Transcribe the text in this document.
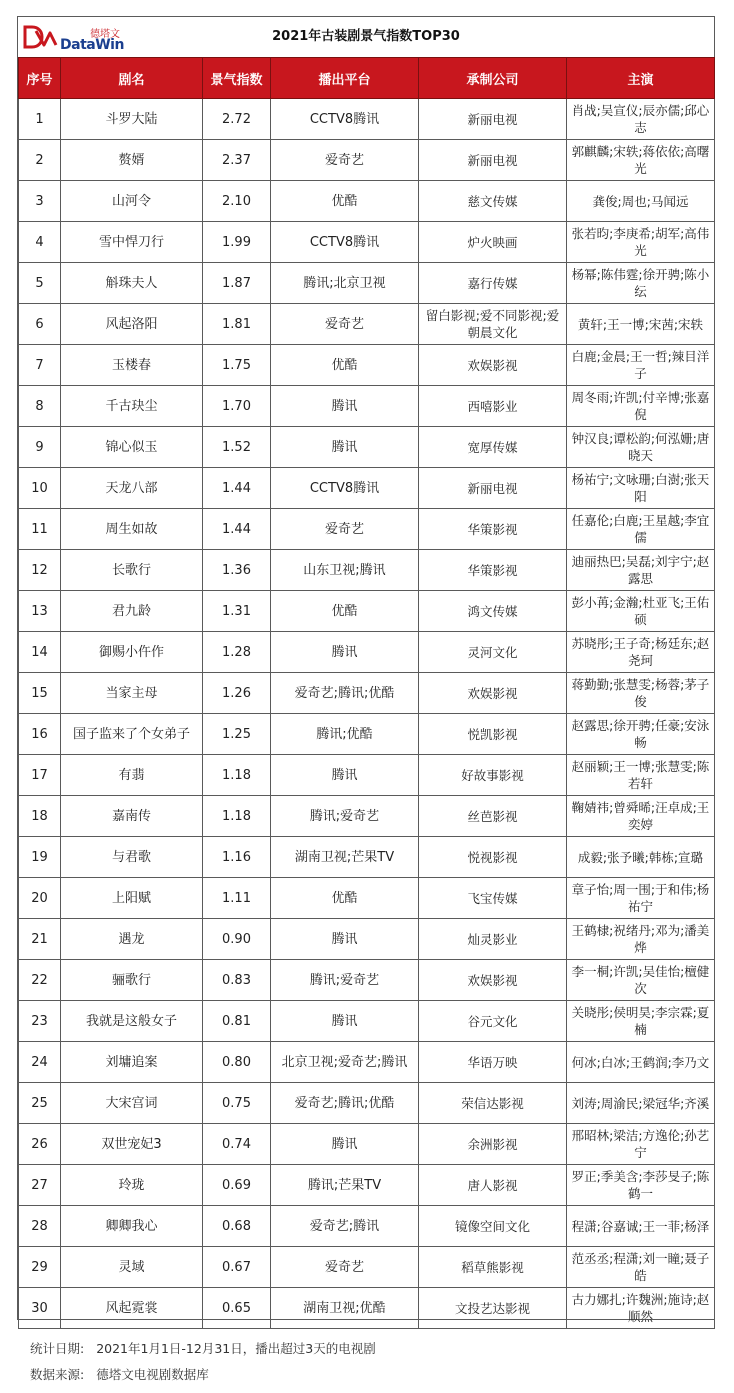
德塔文
DataWin
2021年古装剧景气指数TOP30
序号	剧名	景气指数	播出平台	承制公司	主演
1	斗罗大陆	2.72	CCTV8腾讯	新丽电视	肖战;吴宣仪;辰亦儒;邱心志
2	赘婿	2.37	爱奇艺	新丽电视	郭麒麟;宋轶;蒋依依;高曙光
3	山河令	2.10	优酷	慈文传媒	龚俊;周也;马闻远
4	雪中悍刀行	1.99	CCTV8腾讯	炉火映画	张若昀;李庚希;胡军;高伟光
5	斛珠夫人	1.87	腾讯;北京卫视	嘉行传媒	杨幂;陈伟霆;徐开骋;陈小纭
6	风起洛阳	1.81	爱奇艺	留白影视;爱不同影视;爱朝晨文化	黄轩;王一博;宋茜;宋轶
7	玉楼春	1.75	优酷	欢娱影视	白鹿;金晨;王一哲;辣目洋子
8	千古玦尘	1.70	腾讯	西嘻影业	周冬雨;许凯;付辛博;张嘉倪
9	锦心似玉	1.52	腾讯	宽厚传媒	钟汉良;谭松韵;何泓姗;唐晓天
10	天龙八部	1.44	CCTV8腾讯	新丽电视	杨祐宁;文咏珊;白澍;张天阳
11	周生如故	1.44	爱奇艺	华策影视	任嘉伦;白鹿;王星越;李宜儒
12	长歌行	1.36	山东卫视;腾讯	华策影视	迪丽热巴;吴磊;刘宇宁;赵露思
13	君九龄	1.31	优酷	鸿文传媒	彭小苒;金瀚;杜亚飞;王佑硕
14	御赐小仵作	1.28	腾讯	灵河文化	苏晓彤;王子奇;杨廷东;赵尧珂
15	当家主母	1.26	爱奇艺;腾讯;优酷	欢娱影视	蒋勤勤;张慧雯;杨蓉;茅子俊
16	国子监来了个女弟子	1.25	腾讯;优酷	悦凯影视	赵露思;徐开骋;任豪;安泳畅
17	有翡	1.18	腾讯	好故事影视	赵丽颖;王一博;张慧雯;陈若轩
18	嘉南传	1.18	腾讯;爱奇艺	丝芭影视	鞠婧祎;曾舜晞;汪卓成;王奕婷
19	与君歌	1.16	湖南卫视;芒果TV	悦视影视	成毅;张予曦;韩栋;宣璐
20	上阳赋	1.11	优酷	飞宝传媒	章子怡;周一围;于和伟;杨祐宁
21	遇龙	0.90	腾讯	灿灵影业	王鹤棣;祝绪丹;邓为;潘美烨
22	骊歌行	0.83	腾讯;爱奇艺	欢娱影视	李一桐;许凯;吴佳怡;檀健次
23	我就是这般女子	0.81	腾讯	谷元文化	关晓彤;侯明昊;李宗霖;夏楠
24	刘墉追案	0.80	北京卫视;爱奇艺;腾讯	华语万映	何冰;白冰;王鹤润;李乃文
25	大宋宫词	0.75	爱奇艺;腾讯;优酷	荣信达影视	刘涛;周渝民;梁冠华;齐溪
26	双世宠妃3	0.74	腾讯	余洲影视	邢昭林;梁洁;方逸伦;孙艺宁
27	玲珑	0.69	腾讯;芒果TV	唐人影视	罗正;季美含;李莎旻子;陈鹤一
28	卿卿我心	0.68	爱奇艺;腾讯	镜像空间文化	程潇;谷嘉诚;王一菲;杨泽
29	灵域	0.67	爱奇艺	稻草熊影视	范丞丞;程潇;刘一瞳;聂子皓
30	风起霓裳	0.65	湖南卫视;优酷	文投艺达影视	古力娜扎;许魏洲;施诗;赵顺然
统计日期: 2021年1月1日-12月31日，播出超过3天的电视剧
数据来源: 德塔文电视剧数据库
